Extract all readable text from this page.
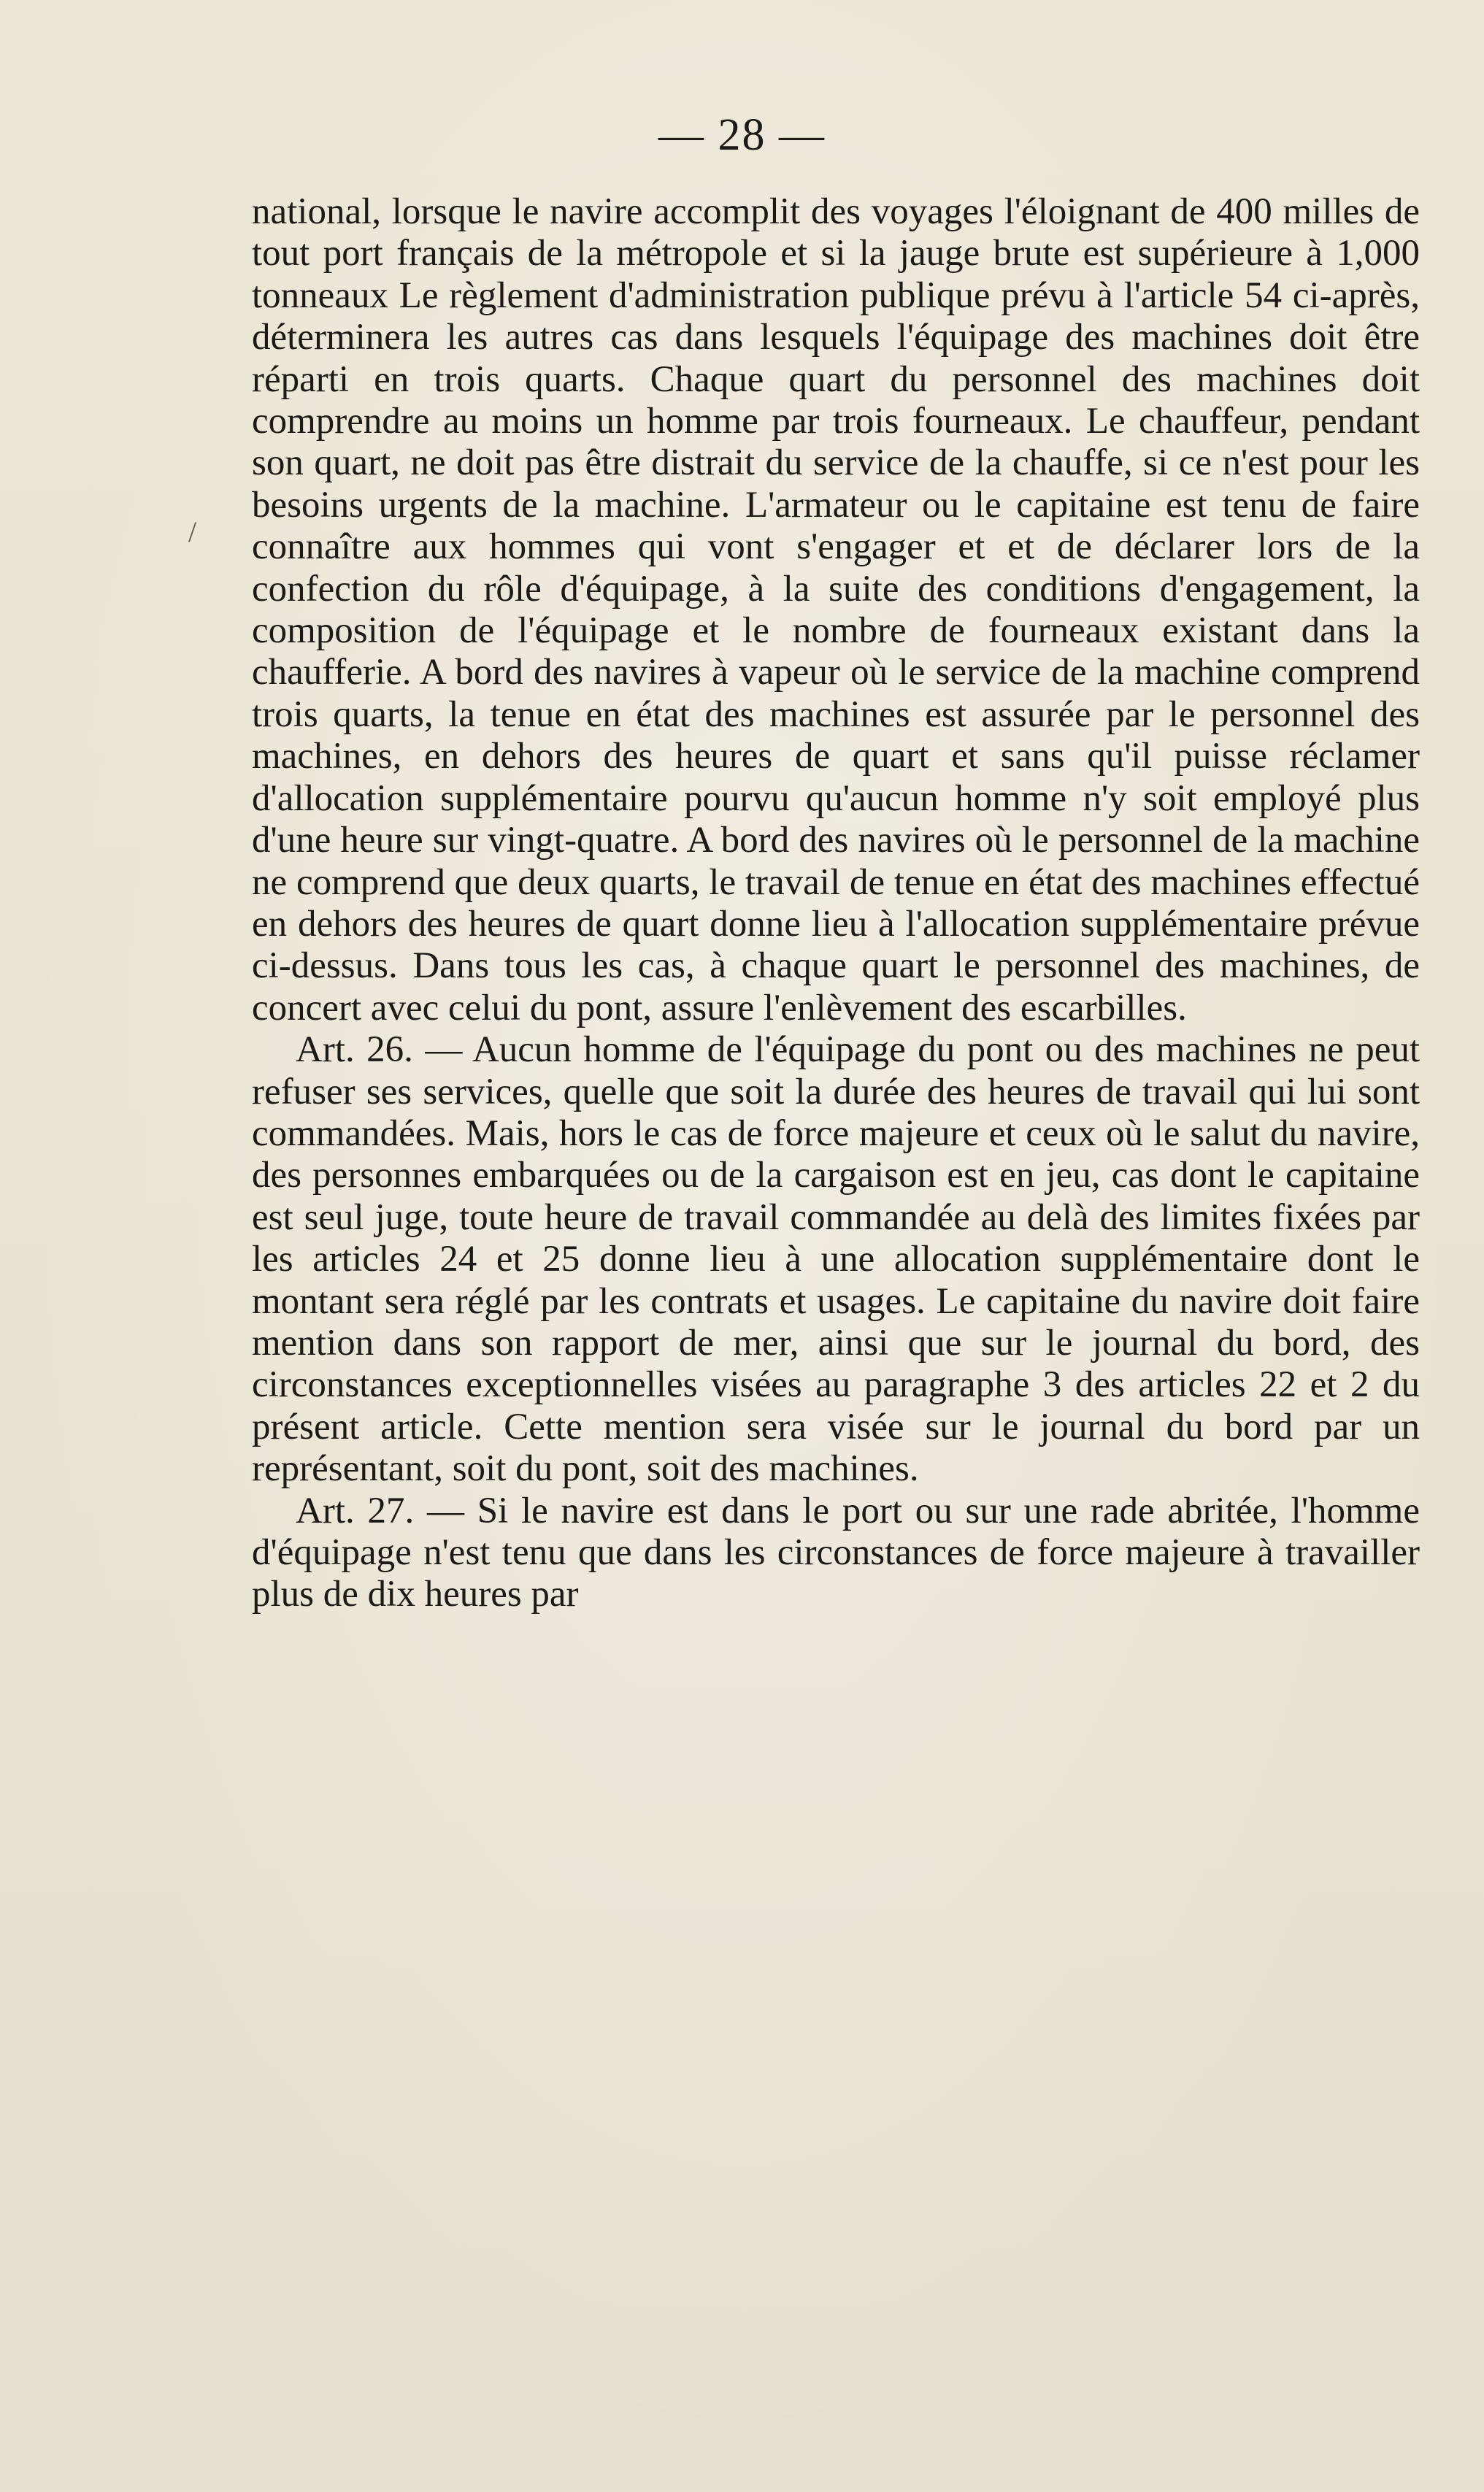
— 28 —
/

national, lorsque le navire accomplit des voyages l'éloignant de 400 milles de tout port français de la métropole et si la jauge brute est supérieure à 1,000 tonneaux Le règlement d'administration publique prévu à l'article 54 ci-après, déterminera les autres cas dans lesquels l'équipage des machines doit être réparti en trois quarts. Chaque quart du personnel des machines doit comprendre au moins un homme par trois fourneaux. Le chauffeur, pendant son quart, ne doit pas être distrait du service de la chauffe, si ce n'est pour les besoins urgents de la machine. L'armateur ou le capitaine est tenu de faire connaître aux hommes qui vont s'engager et et de déclarer lors de la confection du rôle d'équipage, à la suite des conditions d'engagement, la composition de l'équipage et le nombre de fourneaux existant dans la chaufferie. A bord des navires à vapeur où le service de la machine comprend trois quarts, la tenue en état des machines est assurée par le personnel des machines, en dehors des heures de quart et sans qu'il puisse réclamer d'allocation supplémentaire pourvu qu'aucun homme n'y soit employé plus d'une heure sur vingt-quatre. A bord des navires où le personnel de la machine ne comprend que deux quarts, le travail de tenue en état des machines effectué en dehors des heures de quart donne lieu à l'allocation supplémentaire prévue ci-dessus. Dans tous les cas, à chaque quart le personnel des machines, de concert avec celui du pont, assure l'enlèvement des escarbilles.

Art. 26. — Aucun homme de l'équipage du pont ou des machines ne peut refuser ses services, quelle que soit la durée des heures de travail qui lui sont commandées. Mais, hors le cas de force majeure et ceux où le salut du navire, des personnes embarquées ou de la cargaison est en jeu, cas dont le capitaine est seul juge, toute heure de travail commandée au delà des limites fixées par les articles 24 et 25 donne lieu à une allocation supplémentaire dont le montant sera réglé par les contrats et usages. Le capitaine du navire doit faire mention dans son rapport de mer, ainsi que sur le journal du bord, des circonstances exceptionnelles visées au paragraphe 3 des articles 22 et 2 du présent article. Cette mention sera visée sur le journal du bord par un représentant, soit du pont, soit des machines.

Art. 27. — Si le navire est dans le port ou sur une rade abritée, l'homme d'équipage n'est tenu que dans les circonstances de force majeure à travailler plus de dix heures par
